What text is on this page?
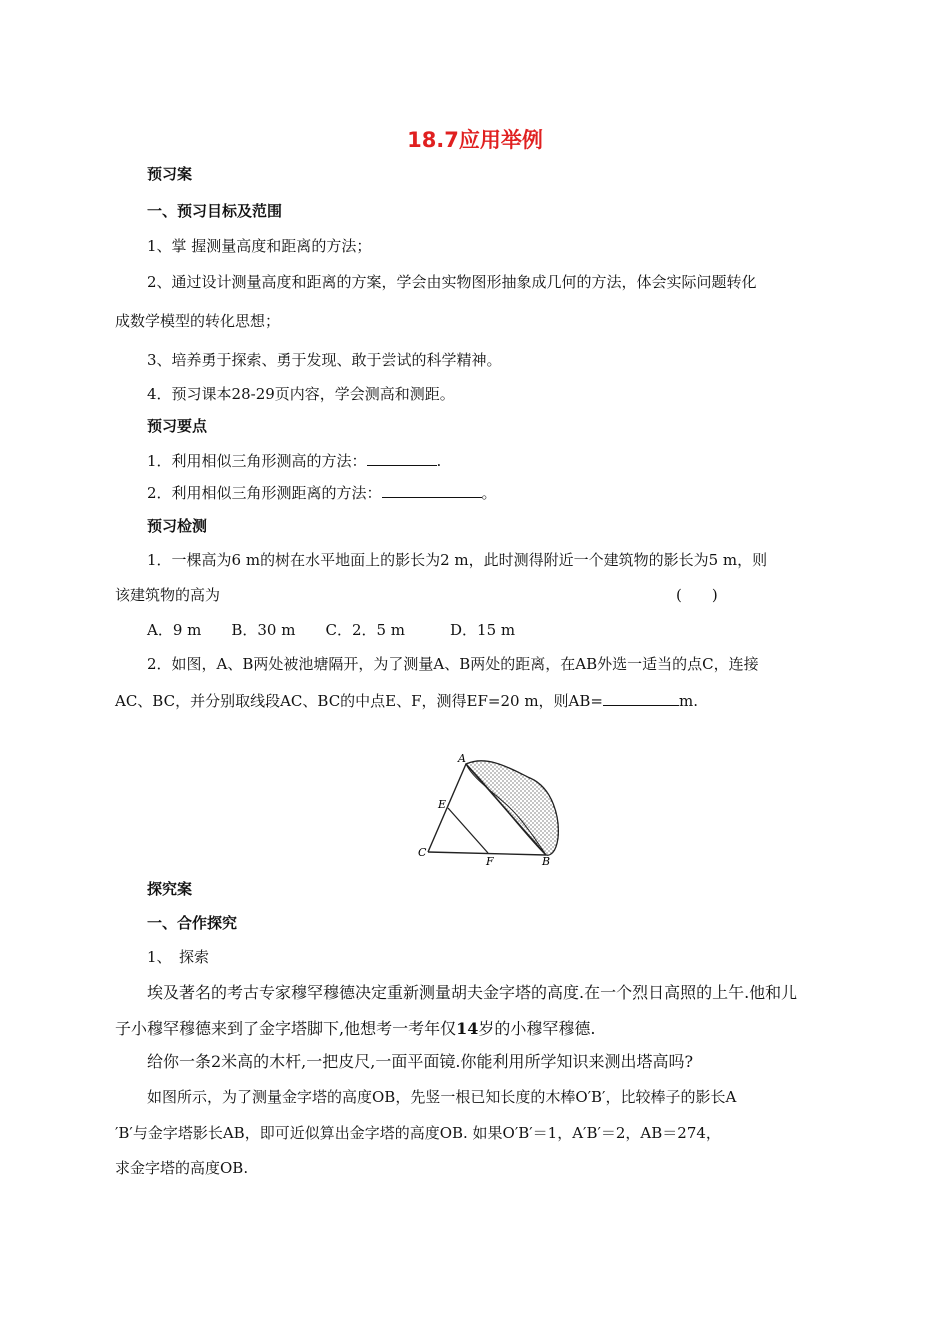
18.7应用举例
预习案
一、预习目标及范围
1、掌 握测量高度和距离的方法；
2、通过设计测量高度和距离的方案，学会由实物图形抽象成几何的方法，体会实际问题转化
成数学模型的转化思想；
3、培养勇于探索、勇于发现、敢于尝试的科学精神。
4．预习课本28-29页内容，学会测高和测距。
预习要点
1．利用相似三角形测高的方法：	.
2．利用相似三角形测距离的方法：	。
预习检测
1．一棵高为6 m的树在水平地面上的影长为2 m，此时测得附近一个建筑物的影长为5 m，则
该建筑物的高为	(　　)
A．9 m　　B．30 m　　C．2．5 m　　　D．15 m
2．如图，A、B两处被池塘隔开，为了测量A、B两处的距离，在AB外选一适当的点C，连接
AC、BC，并分别取线段AC、BC的中点E、F，测得EF=20 m，则AB=	m.
A
E
C
F	B
探究案
一、合作探究
1、　探索
埃及著名的考古专家穆罕穆德决定重新测量胡夫金字塔的高度.在一个烈日高照的上午.他和儿
子小穆罕穆德来到了金字塔脚下,他想考一考年仅14岁的小穆罕穆德.
给你一条2米高的木杆,一把皮尺,一面平面镜.你能利用所学知识来测出塔高吗?
如图所示，为了测量金字塔的高度OB，先竖一根已知长度的木棒O′B′，比较棒子的影长A
′B′与金字塔影长AB，即可近似算出金字塔的高度OB. 如果O′B′＝1，A′B′＝2，AB＝274，
求金字塔的高度OB.
